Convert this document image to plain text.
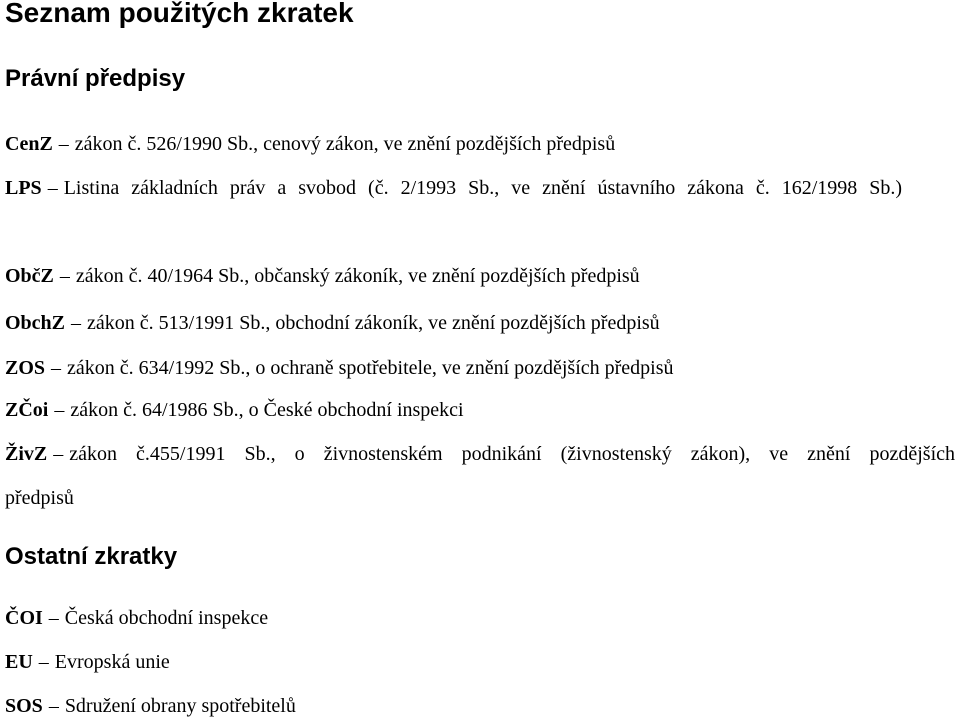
Seznam použitých zkratek
Právní předpisy
CenZ – zákon č. 526/1990 Sb., cenový zákon, ve znění pozdějších předpisů
LPS – Listina základních práv a svobod (č. 2/1993 Sb., ve znění ústavního zákona č. 162/1998 Sb.)
ObčZ – zákon č. 40/1964 Sb., občanský zákoník, ve znění pozdějších předpisů
ObchZ – zákon č. 513/1991 Sb., obchodní zákoník, ve znění pozdějších předpisů
ZOS – zákon č. 634/1992 Sb., o ochraně spotřebitele, ve znění pozdějších předpisů
ZČoi – zákon č. 64/1986 Sb., o České obchodní inspekci
ŽivZ – zákon č.455/1991 Sb., o živnostenském podnikání (živnostenský zákon), ve znění pozdějších předpisů
Ostatní zkratky
ČOI – Česká obchodní inspekce
EU – Evropská unie
SOS – Sdružení obrany spotřebitelů
